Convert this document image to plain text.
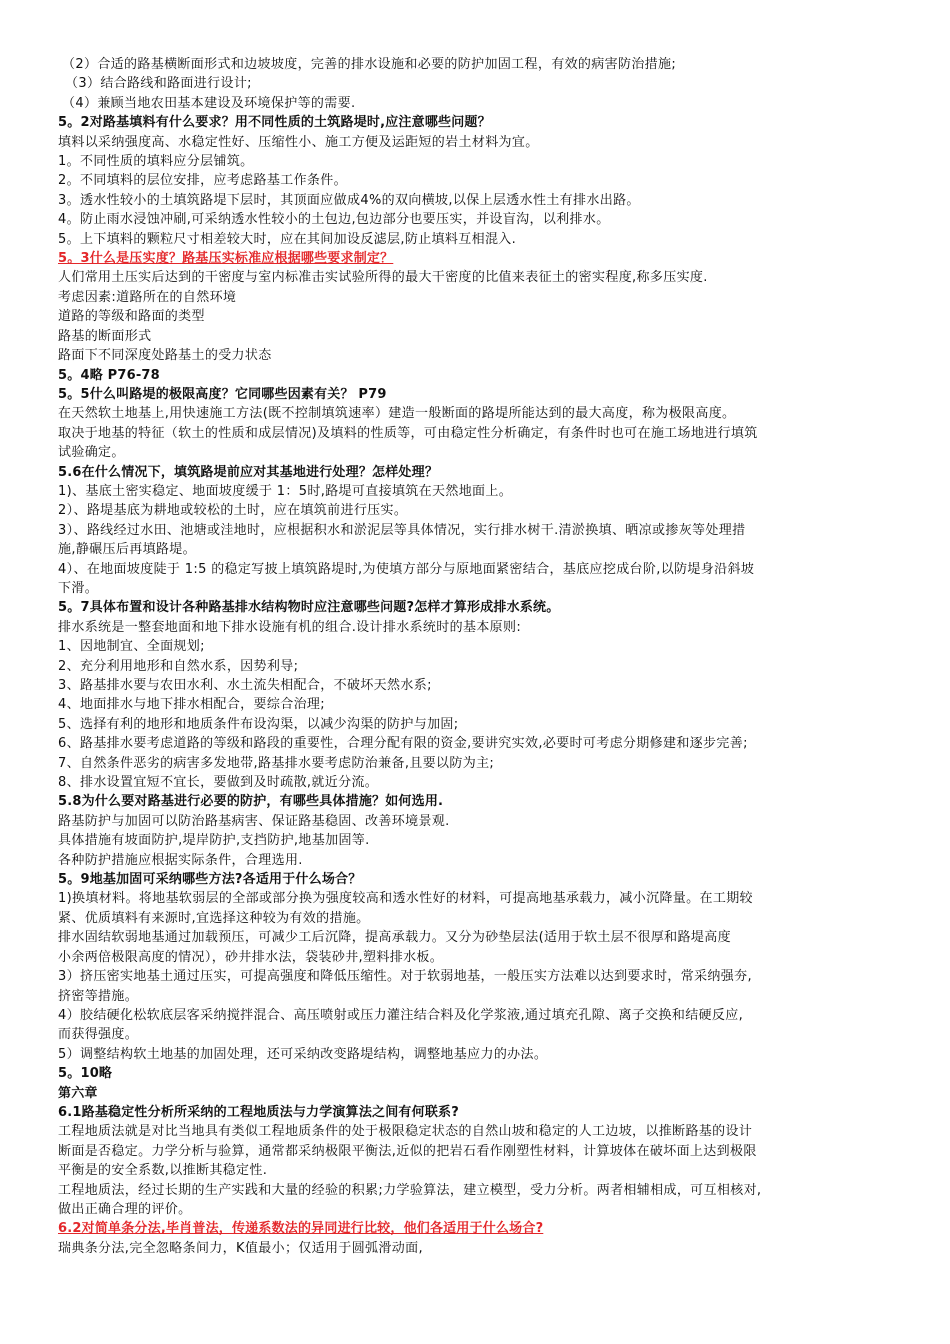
（2）合适的路基横断面形式和边坡坡度，完善的排水设施和必要的防护加固工程，有效的病害防治措施;

（3）结合路线和路面进行设计;

（4）兼顾当地农田基本建设及环境保护等的需要.

5。2对路基填料有什么要求？用不同性质的土筑路堤时,应注意哪些问题？

填料以采纳强度高、水稳定性好、压缩性小、施工方便及运距短的岩土材料为宜。

1。不同性质的填料应分层铺筑。

2。不同填料的层位安排，应考虑路基工作条件。

3。透水性较小的土填筑路堤下层时，其顶面应做成4%的双向横坡,以保上层透水性土有排水出路。

4。防止雨水浸蚀冲刷,可采纳透水性较小的土包边,包边部分也要压实，并设盲沟，以利排水。

5。上下填料的颗粒尺寸相差较大时，应在其间加设反滤层,防止填料互相混入.

5。3什么是压实度？路基压实标准应根据哪些要求制定？

人们常用土压实后达到的干密度与室内标准击实试验所得的最大干密度的比值来表征土的密实程度,称多压实度.

考虑因素:道路所在的自然环境

道路的等级和路面的类型

路基的断面形式

路面下不同深度处路基土的受力状态

5。4略 P76-78

5。5什么叫路堤的极限高度？它同哪些因素有关？ P79

在天然软土地基上,用快速施工方法(既不控制填筑速率）建造一般断面的路堤所能达到的最大高度，称为极限高度。

取决于地基的特征（软土的性质和成层情况)及填料的性质等，可由稳定性分析确定，有条件时也可在施工场地进行填筑

试验确定。

5.6在什么情况下，填筑路堤前应对其基地进行处理？怎样处理？

1)、基底土密实稳定、地面坡度缓于 1：5时,路堤可直接填筑在天然地面上。

2）、路堤基底为耕地或较松的土时，应在填筑前进行压实。

3）、路线经过水田、池塘或洼地时，应根据积水和淤泥层等具体情况，实行排水树干.清淤换填、晒凉或掺灰等处理措

施,静碾压后再填路堤。

4）、在地面坡度陡于 1:5 的稳定写披上填筑路堤时,为使填方部分与原地面紧密结合，基底应挖成台阶,以防堤身沿斜坡

下滑。

5。7具体布置和设计各种路基排水结构物时应注意哪些问题?怎样才算形成排水系统。

排水系统是一整套地面和地下排水设施有机的组合.设计排水系统时的基本原则:

1、因地制宜、全面规划;

2、充分利用地形和自然水系，因势利导;

3、路基排水要与农田水利、水土流失相配合，不破坏天然水系;

4、地面排水与地下排水相配合，要综合治理;

5、选择有利的地形和地质条件布设沟渠，以减少沟渠的防护与加固;

6、路基排水要考虑道路的等级和路段的重要性，合理分配有限的资金,要讲究实效,必要时可考虑分期修建和逐步完善;

7、自然条件恶劣的病害多发地带,路基排水要考虑防治兼备,且要以防为主;

8、排水设置宜短不宜长，要做到及时疏散,就近分流。

5.8为什么要对路基进行必要的防护，有哪些具体措施？如何选用.

路基防护与加固可以防治路基病害、保证路基稳固、改善环境景观.

具体措施有坡面防护,堤岸防护,支挡防护,地基加固等.

各种防护措施应根据实际条件，合理选用.

5。9地基加固可采纳哪些方法?各适用于什么场合？

1)换填材料。将地基软弱层的全部或部分换为强度较高和透水性好的材料，可提高地基承载力，减小沉降量。在工期较

紧、优质填料有来源时,宜选择这种较为有效的措施。

排水固结软弱地基通过加载预压，可减少工后沉降，提高承载力。又分为砂垫层法(适用于软土层不很厚和路堤高度

小余两倍极限高度的情况），砂井排水法，袋装砂井,塑料排水板。

3）挤压密实地基土通过压实，可提高强度和降低压缩性。对于软弱地基，一般压实方法难以达到要求时，常采纳强夯,

挤密等措施。

4）胶结硬化松软底层客采纳搅拌混合、高压喷射或压力灌注结合料及化学浆液,通过填充孔隙、离子交换和结硬反应,

而获得强度。

5）调整结构软土地基的加固处理，还可采纳改变路堤结构，调整地基应力的办法。

5。10略

第六章

6.1路基稳定性分析所采纳的工程地质法与力学演算法之间有何联系?

工程地质法就是对比当地具有类似工程地质条件的处于极限稳定状态的自然山坡和稳定的人工边坡，以推断路基的设计

断面是否稳定。力学分析与验算，通常都采纳极限平衡法,近似的把岩石看作刚塑性材料，计算坡体在破坏面上达到极限

平衡是的安全系数,以推断其稳定性.

工程地质法，经过长期的生产实践和大量的经验的积累;力学验算法，建立模型，受力分析。两者相辅相成，可互相核对,

做出正确合理的评价。

6.2对简单条分法,毕肖普法，传递系数法的异同进行比较，他们各适用于什么场合?

瑞典条分法,完全忽略条间力，K值最小；仅适用于圆弧滑动面,
